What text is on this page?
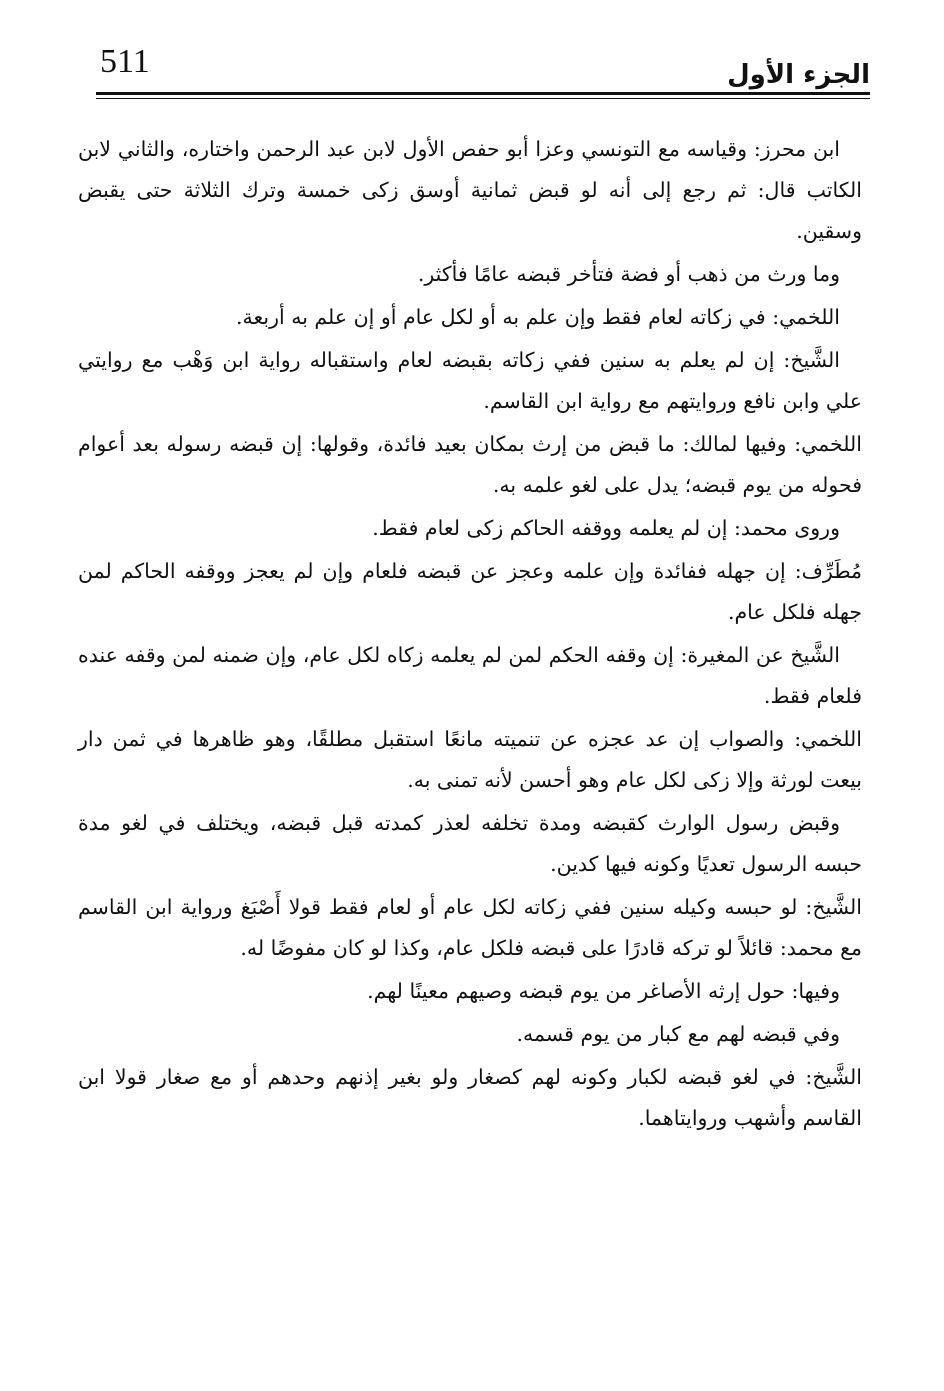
511	الجزء الأول

ابن محرز: وقياسه مع التونسي وعزا أبو حفص الأول لابن عبد الرحمن واختاره، والثاني لابن الكاتب قال: ثم رجع إلى أنه لو قبض ثمانية أوسق زكى خمسة وترك الثلاثة حتى يقبض وسقين.

وما ورث من ذهب أو فضة فتأخر قبضه عامًا فأكثر.

اللخمي: في زكاته لعام فقط وإن علم به أو لكل عام أو إن علم به أربعة.

الشَّيخ: إن لم يعلم به سنين ففي زكاته بقبضه لعام واستقباله رواية ابن وَهْب مع روايتي علي وابن نافع وروايتهم مع رواية ابن القاسم.

اللخمي: وفيها لمالك: ما قبض من إرث بمكان بعيد فائدة، وقولها: إن قبضه رسوله بعد أعوام فحوله من يوم قبضه؛ يدل على لغو علمه به.

وروى محمد: إن لم يعلمه ووقفه الحاكم زكى لعام فقط.

مُطَرِّف: إن جهله ففائدة وإن علمه وعجز عن قبضه فلعام وإن لم يعجز ووقفه الحاكم لمن جهله فلكل عام.

الشَّيخ عن المغيرة: إن وقفه الحكم لمن لم يعلمه زكاه لكل عام، وإن ضمنه لمن وقفه عنده فلعام فقط.

اللخمي: والصواب إن عد عجزه عن تنميته مانعًا استقبل مطلقًا، وهو ظاهرها في ثمن دار بيعت لورثة وإلا زكى لكل عام وهو أحسن لأنه تمنى به.

وقبض رسول الوارث كقبضه ومدة تخلفه لعذر كمدته قبل قبضه، ويختلف في لغو مدة حبسه الرسول تعديًا وكونه فيها كدين.

الشَّيخ: لو حبسه وكيله سنين ففي زكاته لكل عام أو لعام فقط قولا أَصْبَغ ورواية ابن القاسم مع محمد: قائلاً لو تركه قادرًا على قبضه فلكل عام، وكذا لو كان مفوضًا له.

وفيها: حول إرثه الأصاغر من يوم قبضه وصيهم معينًا لهم.

وفي قبضه لهم مع كبار من يوم قسمه.

الشَّيخ: في لغو قبضه لكبار وكونه لهم كصغار ولو بغير إذنهم وحدهم أو مع صغار قولا ابن القاسم وأشهب وروايتاهما.
